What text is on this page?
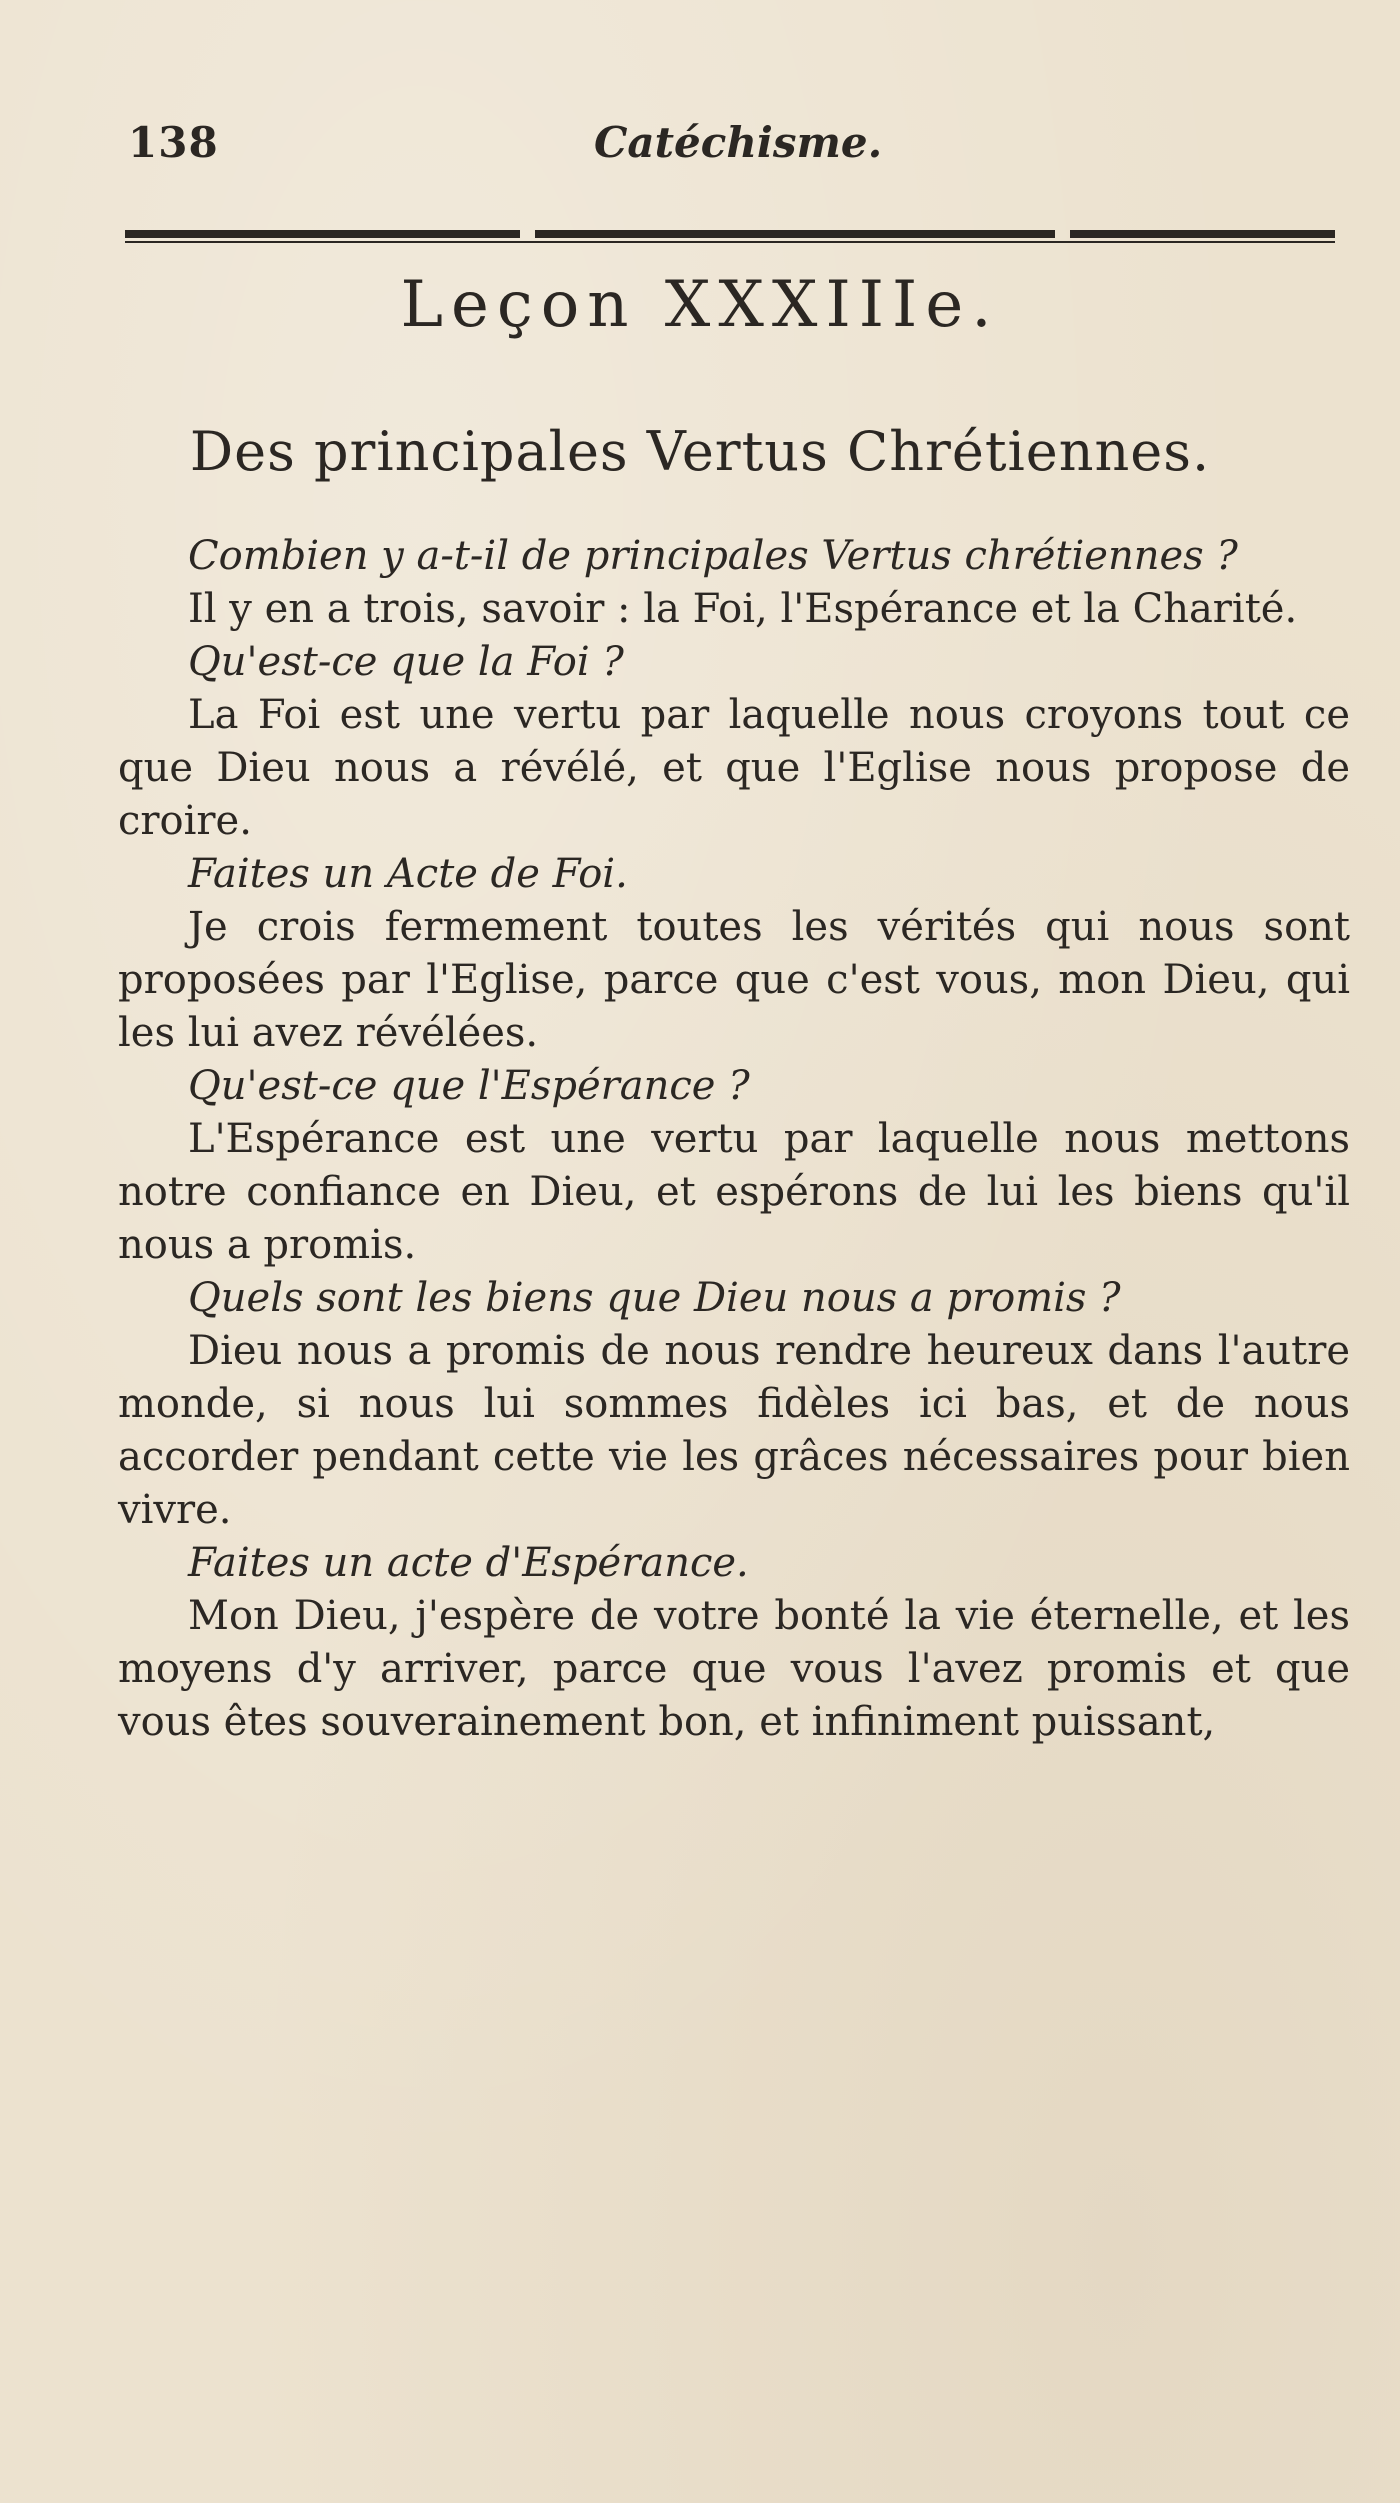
138	Catéchisme.
Leçon XXXIIIe.
Des principales Vertus Chrétiennes.

Combien y a-t-il de principales Vertus chrétiennes ?

Il y en a trois, savoir : la Foi, l'Espérance et la Charité.

Qu'est-ce que la Foi ?

La Foi est une vertu par laquelle nous croyons tout ce que Dieu nous a révélé, et que l'Eglise nous propose de croire.

Faites un Acte de Foi.

Je crois fermement toutes les vérités qui nous sont proposées par l'Eglise, parce que c'est vous, mon Dieu, qui les lui avez révélées.

Qu'est-ce que l'Espérance ?

L'Espérance est une vertu par laquelle nous mettons notre confiance en Dieu, et espérons de lui les biens qu'il nous a promis.

Quels sont les biens que Dieu nous a promis ?

Dieu nous a promis de nous rendre heureux dans l'autre monde, si nous lui sommes fidèles ici bas, et de nous accorder pendant cette vie les grâces nécessaires pour bien vivre.

Faites un acte d'Espérance.

Mon Dieu, j'espère de votre bonté la vie éternelle, et les moyens d'y arriver, parce que vous l'avez promis et que vous êtes souverainement bon, et infiniment puissant,
